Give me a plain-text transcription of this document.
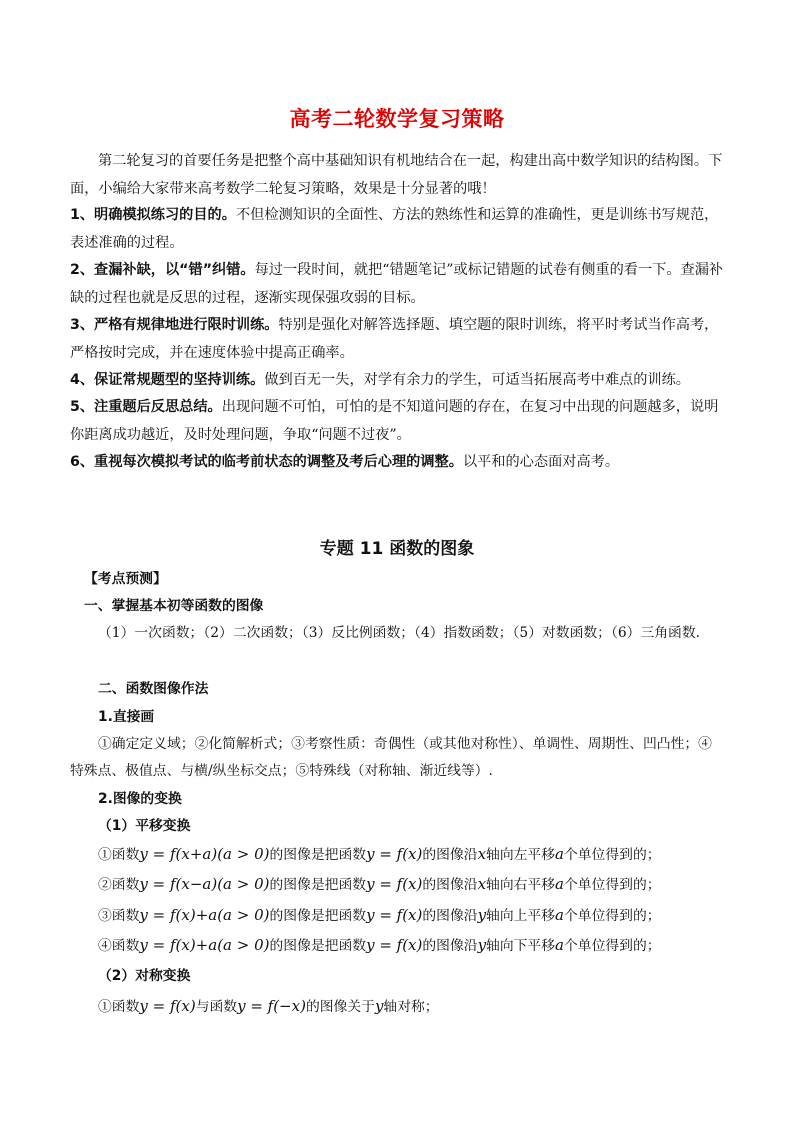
高考二轮数学复习策略
第二轮复习的首要任务是把整个高中基础知识有机地结合在一起，构建出高中数学知识的结构图。下面，小编给大家带来高考数学二轮复习策略，效果是十分显著的哦！
1、明确模拟练习的目的。不但检测知识的全面性、方法的熟练性和运算的准确性，更是训练书写规范，表述准确的过程。
2、查漏补缺，以“错”纠错。每过一段时间，就把“错题笔记”或标记错题的试卷有侧重的看一下。查漏补缺的过程也就是反思的过程，逐渐实现保强攻弱的目标。
3、严格有规律地进行限时训练。特别是强化对解答选择题、填空题的限时训练，将平时考试当作高考，严格按时完成，并在速度体验中提高正确率。
4、保证常规题型的坚持训练。做到百无一失，对学有余力的学生，可适当拓展高考中难点的训练。
5、注重题后反思总结。出现问题不可怕，可怕的是不知道问题的存在，在复习中出现的问题越多，说明你距离成功越近，及时处理问题，争取“问题不过夜”。
6、重视每次模拟考试的临考前状态的调整及考后心理的调整。以平和的心态面对高考。
专题 11 函数的图象
【考点预测】
一、掌握基本初等函数的图像
（1）一次函数；（2）二次函数；（3）反比例函数；（4）指数函数；（5）对数函数；（6）三角函数.
二、函数图像作法
1.直接画
①确定定义域；②化简解析式；③考察性质：奇偶性（或其他对称性）、单调性、周期性、凹凸性；④特殊点、极值点、与横/纵坐标交点；⑤特殊线（对称轴、渐近线等）.
2.图像的变换
（1）平移变换
①函数y = f(x+a)(a > 0)的图像是把函数y = f(x)的图像沿x轴向左平移a个单位得到的；
②函数y = f(x−a)(a > 0)的图像是把函数y = f(x)的图像沿x轴向右平移a个单位得到的；
③函数y = f(x)+a(a > 0)的图像是把函数y = f(x)的图像沿y轴向上平移a个单位得到的；
④函数y = f(x)+a(a > 0)的图像是把函数y = f(x)的图像沿y轴向下平移a个单位得到的；
（2）对称变换
①函数y = f(x)与函数y = f(−x)的图像关于y轴对称；
